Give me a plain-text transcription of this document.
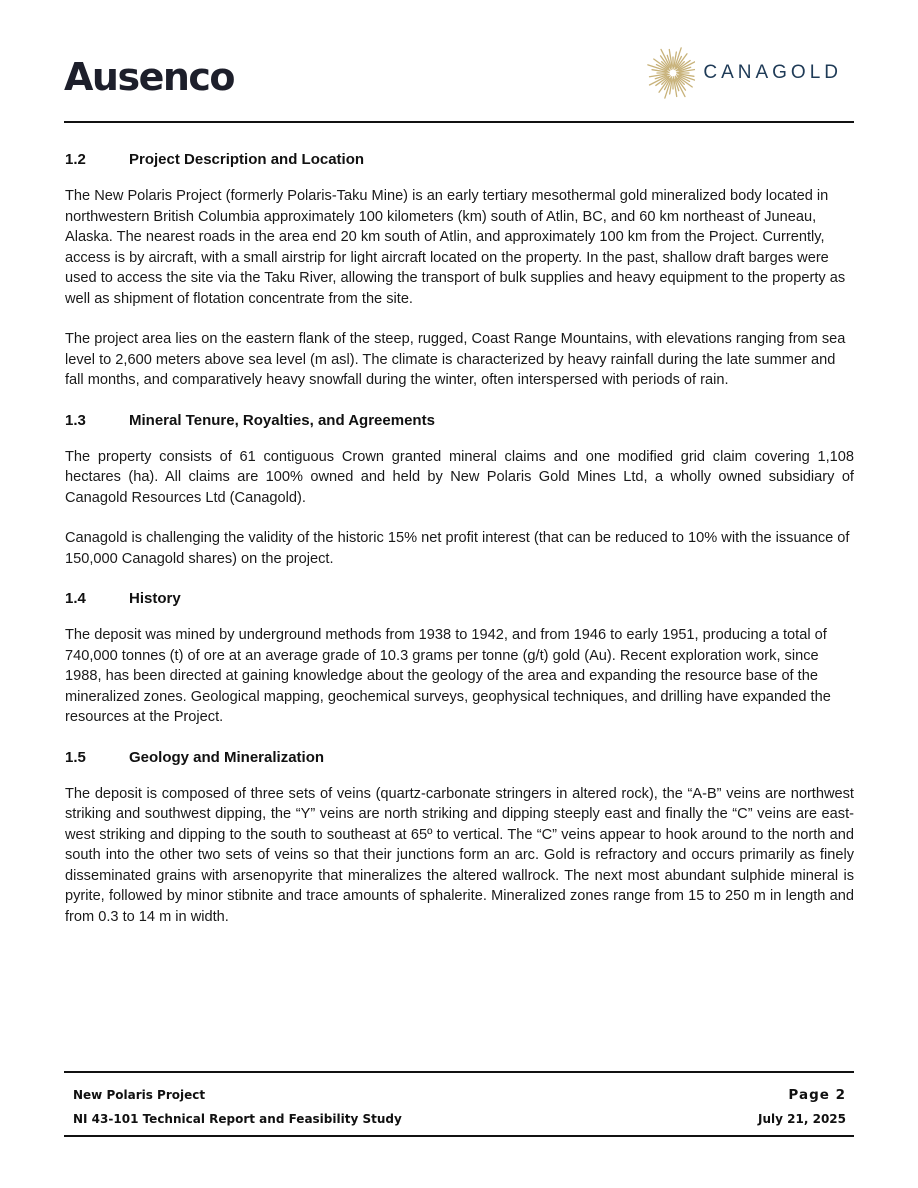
Ausenco	CANAGOLD
1.2	Project Description and Location

The New Polaris Project (formerly Polaris-Taku Mine) is an early tertiary mesothermal gold mineralized body located in northwestern British Columbia approximately 100 kilometers (km) south of Atlin, BC, and 60 km northeast of Juneau, Alaska. The nearest roads in the area end 20 km south of Atlin, and approximately 100 km from the Project. Currently, access is by aircraft, with a small airstrip for light aircraft located on the property. In the past, shallow draft barges were used to access the site via the Taku River, allowing the transport of bulk supplies and heavy equipment to the property as well as shipment of flotation concentrate from the site.

The project area lies on the eastern flank of the steep, rugged, Coast Range Mountains, with elevations ranging from sea level to 2,600 meters above sea level (m asl). The climate is characterized by heavy rainfall during the late summer and fall months, and comparatively heavy snowfall during the winter, often interspersed with periods of rain.

1.3	Mineral Tenure, Royalties, and Agreements

The property consists of 61 contiguous Crown granted mineral claims and one modified grid claim covering 1,108 hectares (ha). All claims are 100% owned and held by New Polaris Gold Mines Ltd, a wholly owned subsidiary of Canagold Resources Ltd (Canagold).

Canagold is challenging the validity of the historic 15% net profit interest (that can be reduced to 10% with the issuance of 150,000 Canagold shares) on the project.

1.4	History

The deposit was mined by underground methods from 1938 to 1942, and from 1946 to early 1951, producing a total of 740,000 tonnes (t) of ore at an average grade of 10.3 grams per tonne (g/t) gold (Au). Recent exploration work, since 1988, has been directed at gaining knowledge about the geology of the area and expanding the resource base of the mineralized zones. Geological mapping, geochemical surveys, geophysical techniques, and drilling have expanded the resources at the Project.

1.5	Geology and Mineralization

The deposit is composed of three sets of veins (quartz-carbonate stringers in altered rock), the “A-B” veins are northwest striking and southwest dipping, the “Y” veins are north striking and dipping steeply east and finally the “C” veins are east-west striking and dipping to the south to southeast at 65º to vertical. The “C” veins appear to hook around to the north and south into the other two sets of veins so that their junctions form an arc. Gold is refractory and occurs primarily as finely disseminated grains with arsenopyrite that mineralizes the altered wallrock. The next most abundant sulphide mineral is pyrite, followed by minor stibnite and trace amounts of sphalerite. Mineralized zones range from 15 to 250 m in length and from 0.3 to 14 m in width.

New Polaris Project	Page 2
NI 43-101 Technical Report and Feasibility Study	July 21, 2025
